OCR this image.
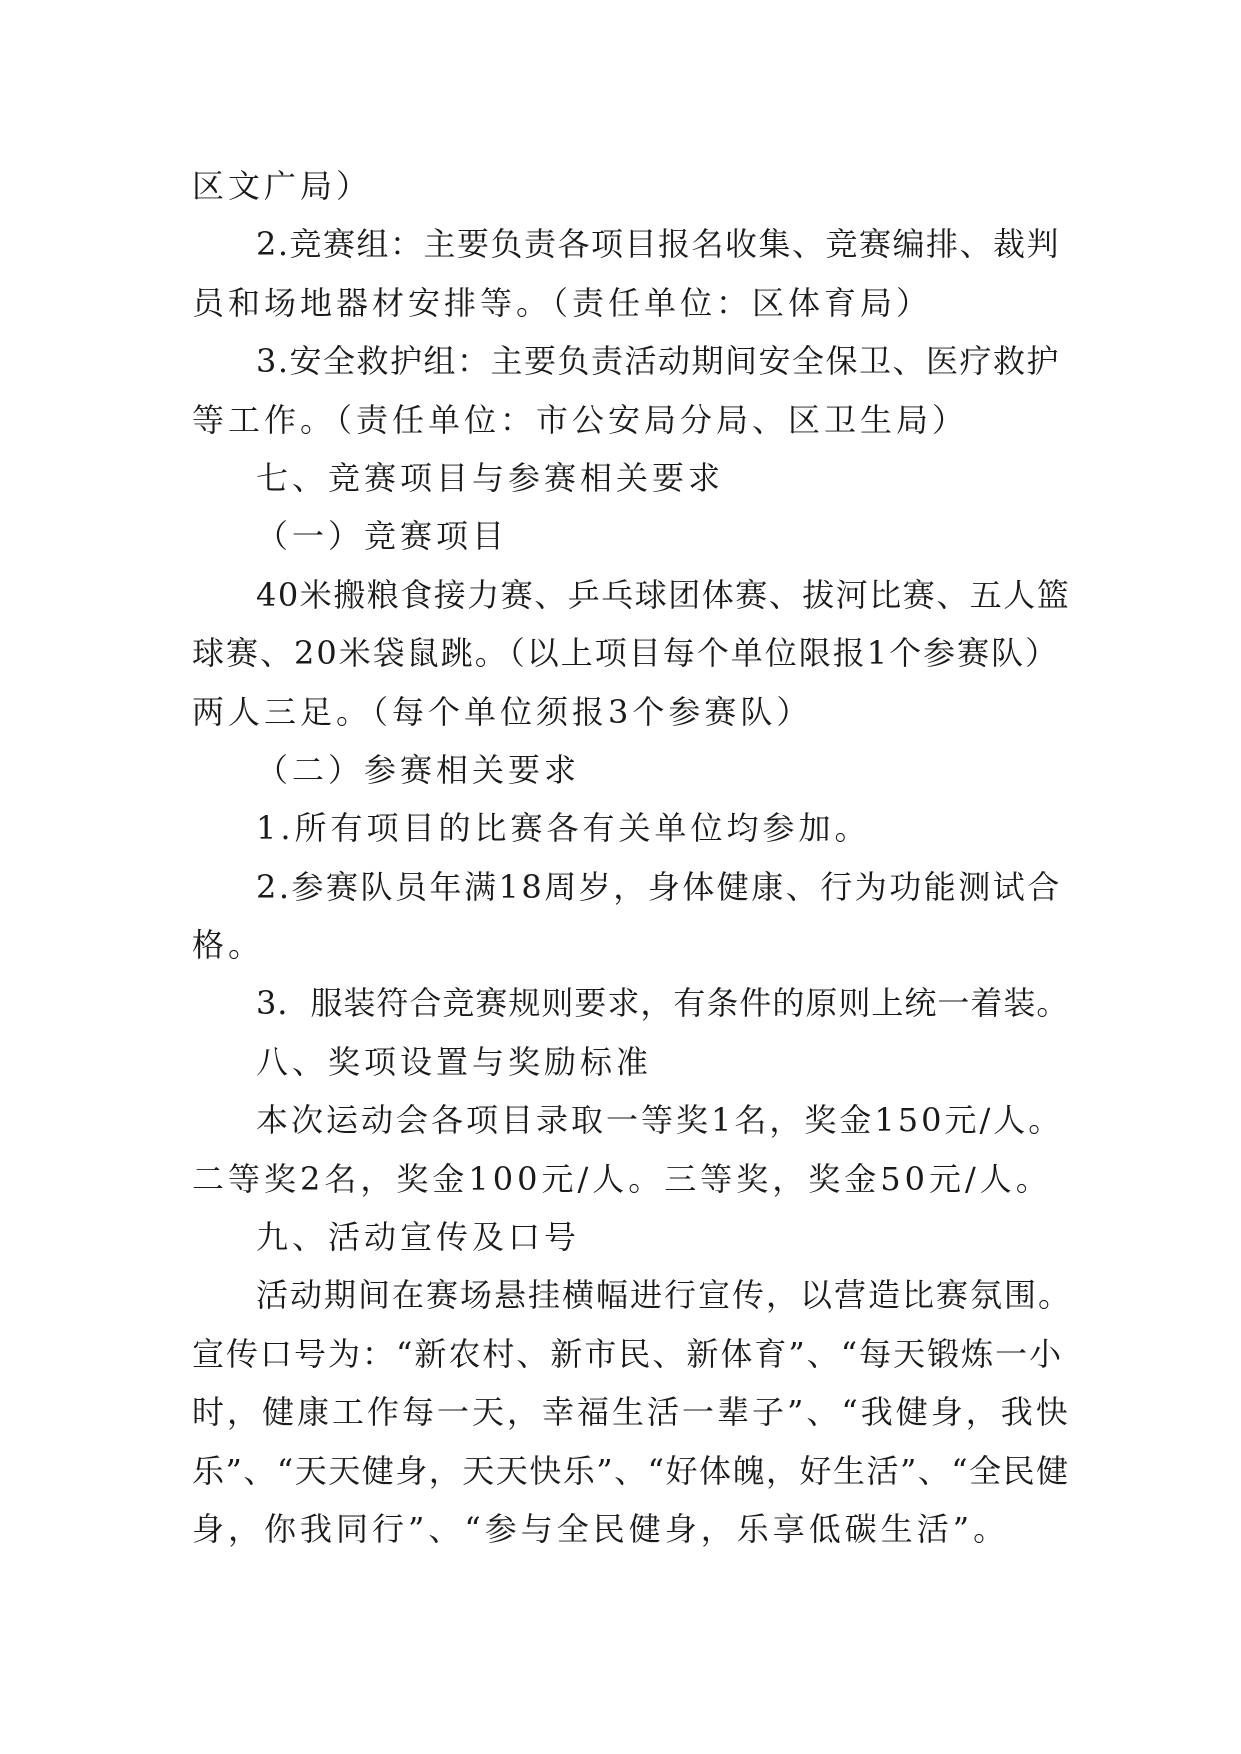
区文广局）
2.竞赛组：主要负责各项目报名收集、竞赛编排、裁判
员和场地器材安排等。（责任单位：区体育局）
3.安全救护组：主要负责活动期间安全保卫、医疗救护
等工作。（责任单位：市公安局分局、区卫生局）
七、竞赛项目与参赛相关要求
（一）竞赛项目
40米搬粮食接力赛、乒乓球团体赛、拔河比赛、五人篮
球赛、20米袋鼠跳。（以上项目每个单位限报1个参赛队）
两人三足。（每个单位须报3个参赛队）
（二）参赛相关要求
1.所有项目的比赛各有关单位均参加。
2.参赛队员年满18周岁，身体健康、行为功能测试合
格。
3．服装符合竞赛规则要求，有条件的原则上统一着装。
八、奖项设置与奖励标准
本次运动会各项目录取一等奖1名，奖金150元/人。
二等奖2名，奖金100元/人。三等奖，奖金50元/人。
九、活动宣传及口号
活动期间在赛场悬挂横幅进行宣传，以营造比赛氛围。
宣传口号为：“新农村、新市民、新体育”、“每天锻炼一小
时，健康工作每一天，幸福生活一辈子”、“我健身，我快
乐”、“天天健身，天天快乐”、“好体魄，好生活”、“全民健
身，你我同行”、“参与全民健身，乐享低碳生活”。
